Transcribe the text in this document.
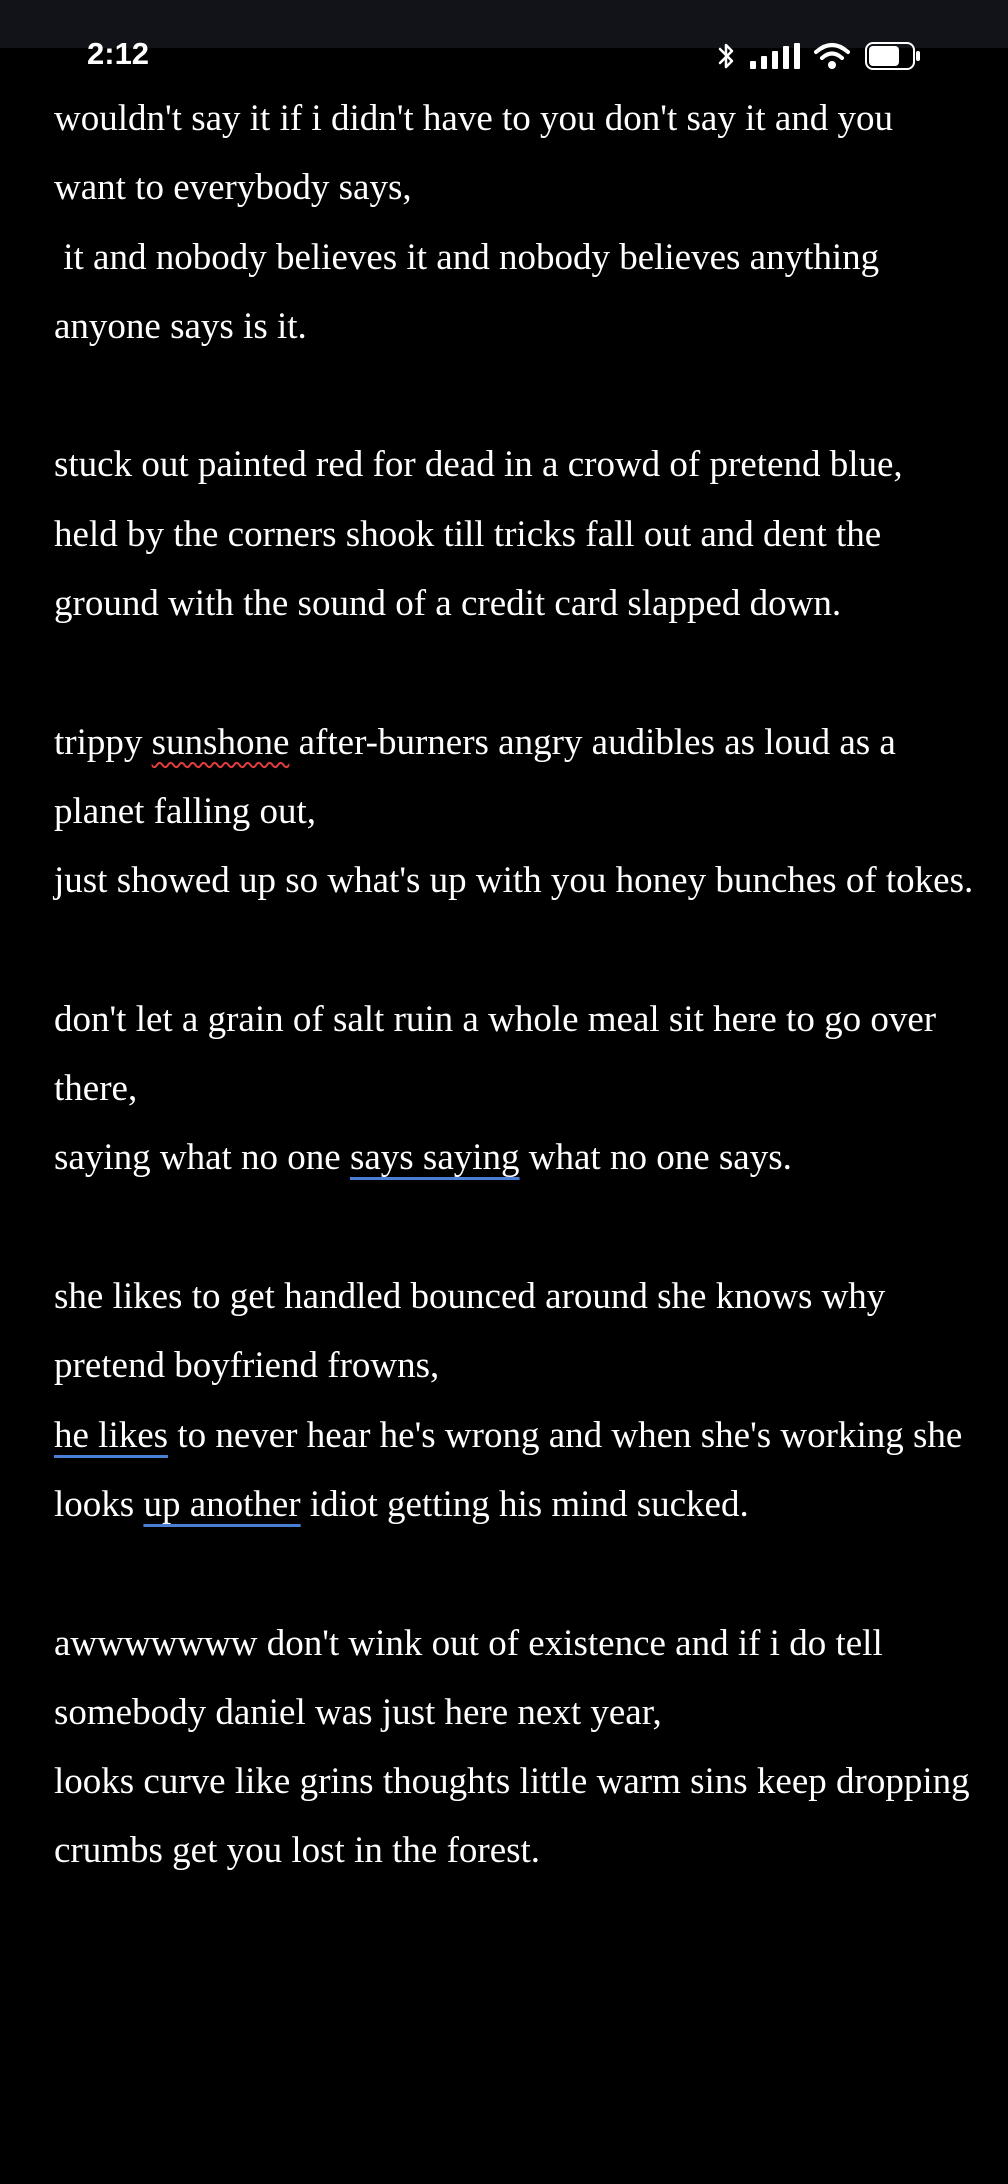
2:12
wouldn't say it if i didn't have to you don't say it and you want to everybody says,
it and nobody believes it and nobody believes anything anyone says is it.
stuck out painted red for dead in a crowd of pretend blue,
held by the corners shook till tricks fall out and dent the ground with the sound of a credit card slapped down.
trippy sunshone after-burners angry audibles as loud as a planet falling out,
just showed up so what's up with you honey bunches of tokes.
don't let a grain of salt ruin a whole meal sit here to go over there,
saying what no one says saying what no one says.
she likes to get handled bounced around she knows why pretend boyfriend frowns,
he likes to never hear he's wrong and when she's working she looks up another idiot getting his mind sucked.
awwwwwww don't wink out of existence and if i do tell somebody daniel was just here next year,
looks curve like grins thoughts little warm sins keep dropping crumbs get you lost in the forest.
